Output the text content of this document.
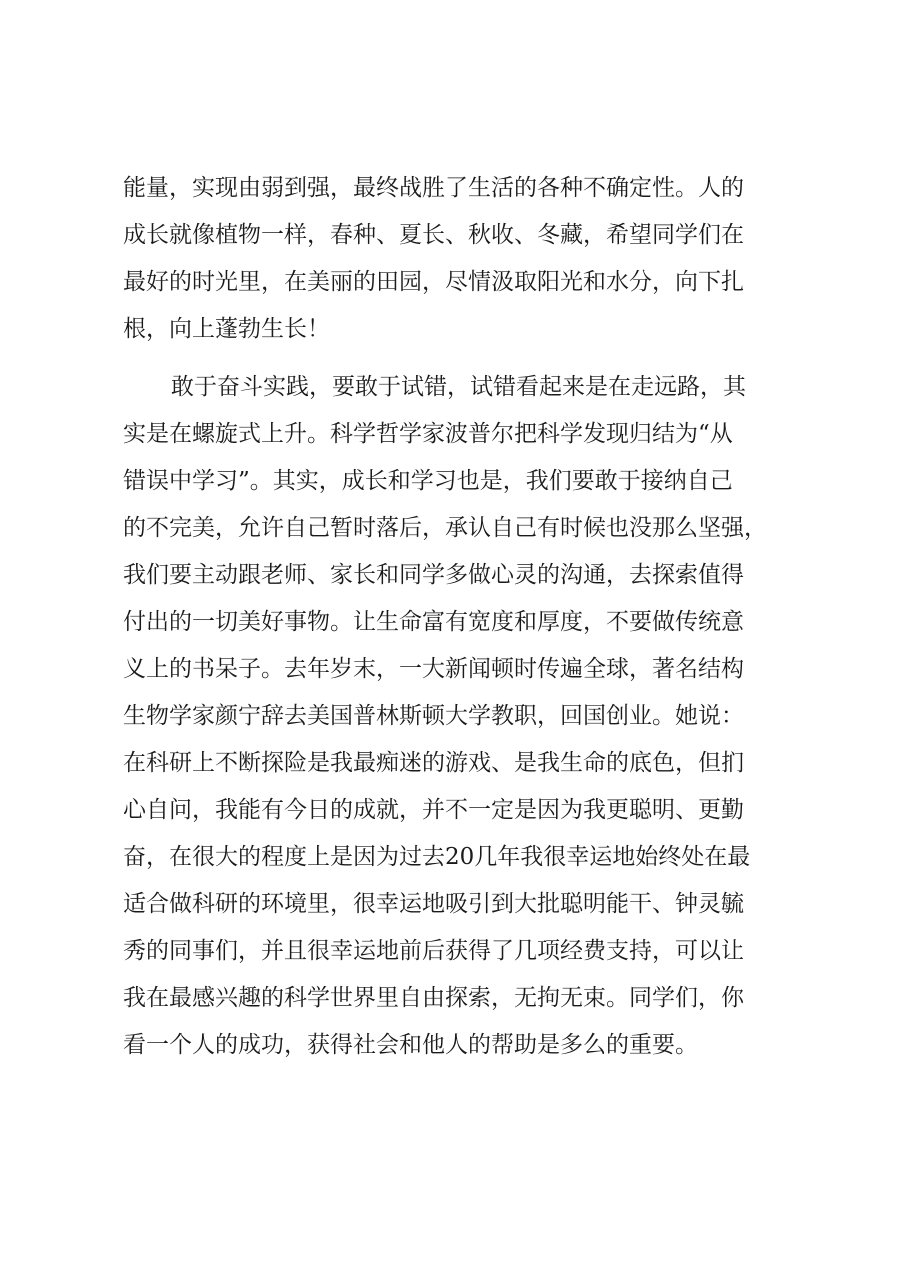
能量，实现由弱到强，最终战胜了生活的各种不确定性。人的
成长就像植物一样，春种、夏长、秋收、冬藏，希望同学们在
最好的时光里，在美丽的田园，尽情汲取阳光和水分，向下扎
根，向上蓬勃生长！
敢于奋斗实践，要敢于试错，试错看起来是在走远路，其
实是在螺旋式上升。科学哲学家波普尔把科学发现归结为“从
错误中学习”。其实，成长和学习也是，我们要敢于接纳自己
的不完美，允许自己暂时落后，承认自己有时候也没那么坚强，
我们要主动跟老师、家长和同学多做心灵的沟通，去探索值得
付出的一切美好事物。让生命富有宽度和厚度，不要做传统意
义上的书呆子。去年岁末，一大新闻顿时传遍全球，著名结构
生物学家颜宁辞去美国普林斯顿大学教职，回国创业。她说：
在科研上不断探险是我最痴迷的游戏、是我生命的底色，但扪
心自问，我能有今日的成就，并不一定是因为我更聪明、更勤
奋，在很大的程度上是因为过去20几年我很幸运地始终处在最
适合做科研的环境里，很幸运地吸引到大批聪明能干、钟灵毓
秀的同事们，并且很幸运地前后获得了几项经费支持，可以让
我在最感兴趣的科学世界里自由探索，无拘无束。同学们，你
看一个人的成功，获得社会和他人的帮助是多么的重要。
